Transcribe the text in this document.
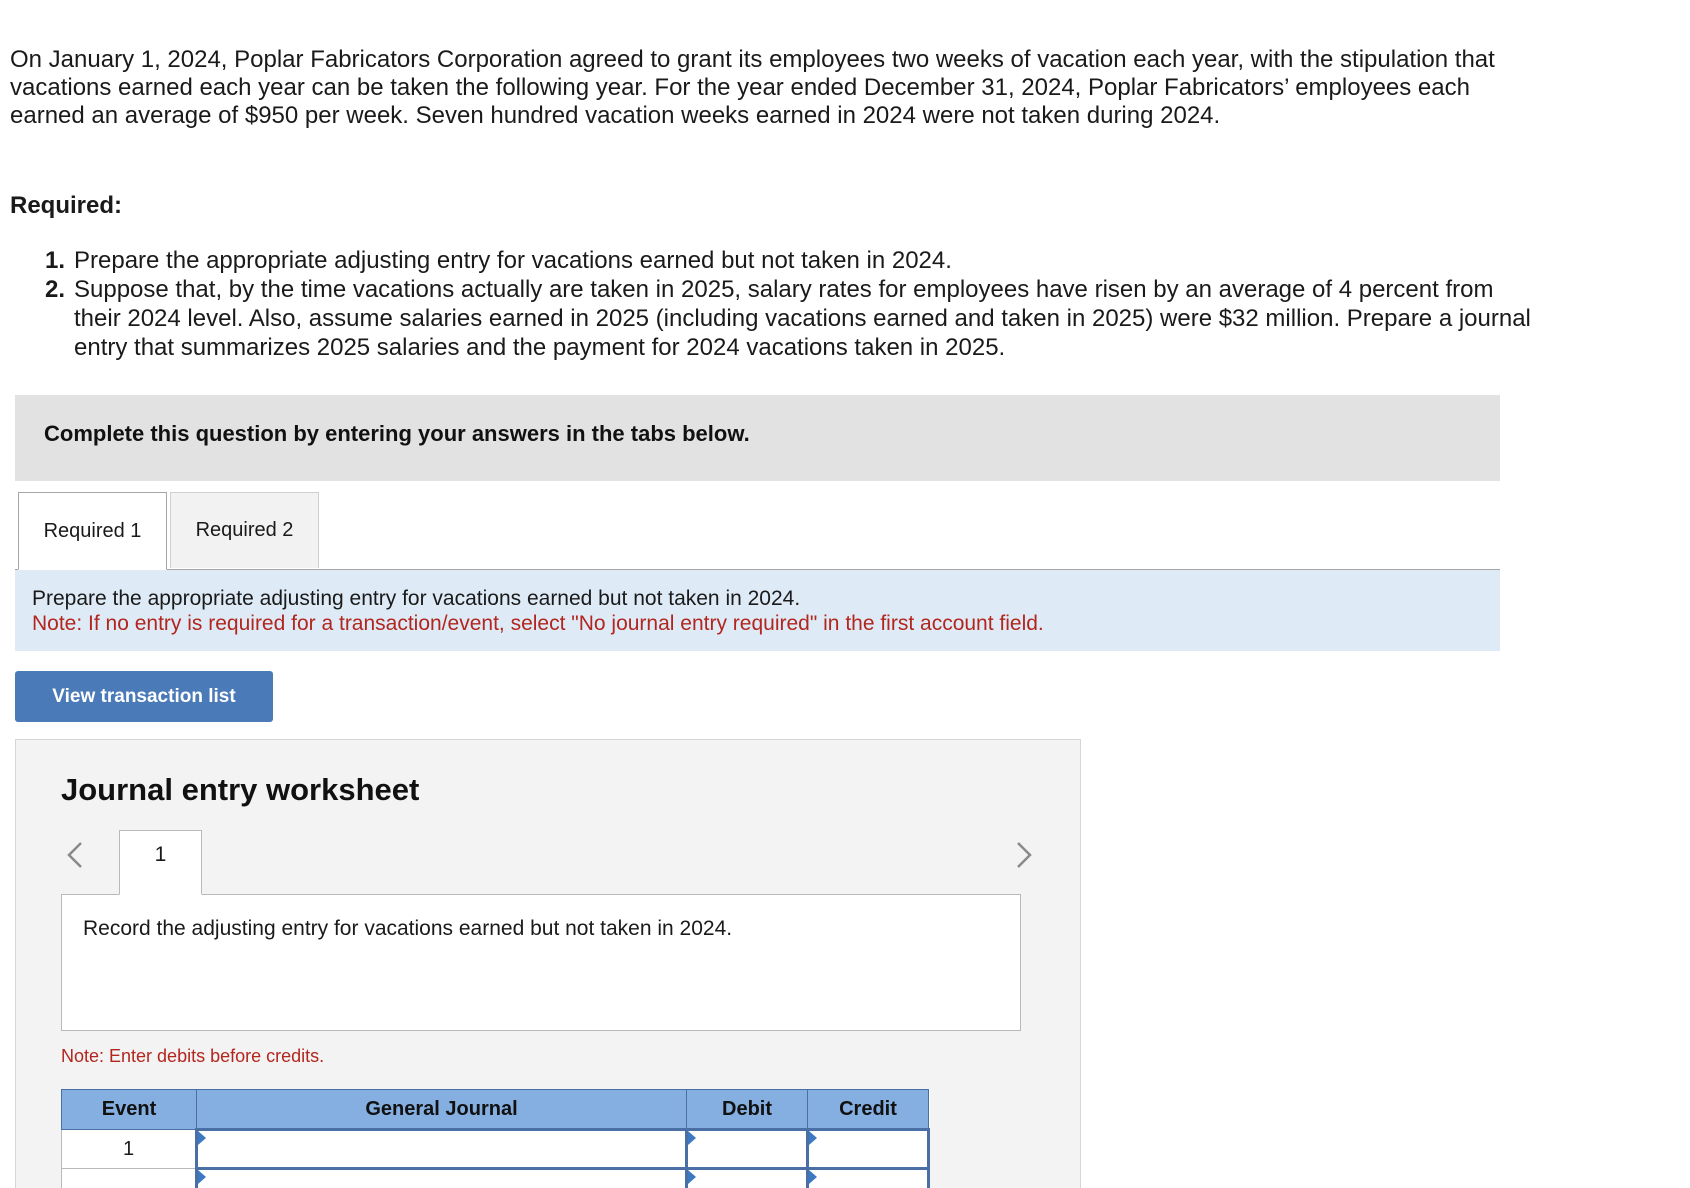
On January 1, 2024, Poplar Fabricators Corporation agreed to grant its employees two weeks of vacation each year, with the stipulation that vacations earned each year can be taken the following year. For the year ended December 31, 2024, Poplar Fabricators’ employees each earned an average of $950 per week. Seven hundred vacation weeks earned in 2024 were not taken during 2024.
Required:
1. Prepare the appropriate adjusting entry for vacations earned but not taken in 2024.
2. Suppose that, by the time vacations actually are taken in 2025, salary rates for employees have risen by an average of 4 percent from their 2024 level. Also, assume salaries earned in 2025 (including vacations earned and taken in 2025) were $32 million. Prepare a journal entry that summarizes 2025 salaries and the payment for 2024 vacations taken in 2025.
Complete this question by entering your answers in the tabs below.
Required 1	Required 2
Prepare the appropriate adjusting entry for vacations earned but not taken in 2024.
Note: If no entry is required for a transaction/event, select "No journal entry required" in the first account field.
View transaction list
Journal entry worksheet
1
Record the adjusting entry for vacations earned but not taken in 2024.
Note: Enter debits before credits.
Event	General Journal	Debit	Credit
1			
